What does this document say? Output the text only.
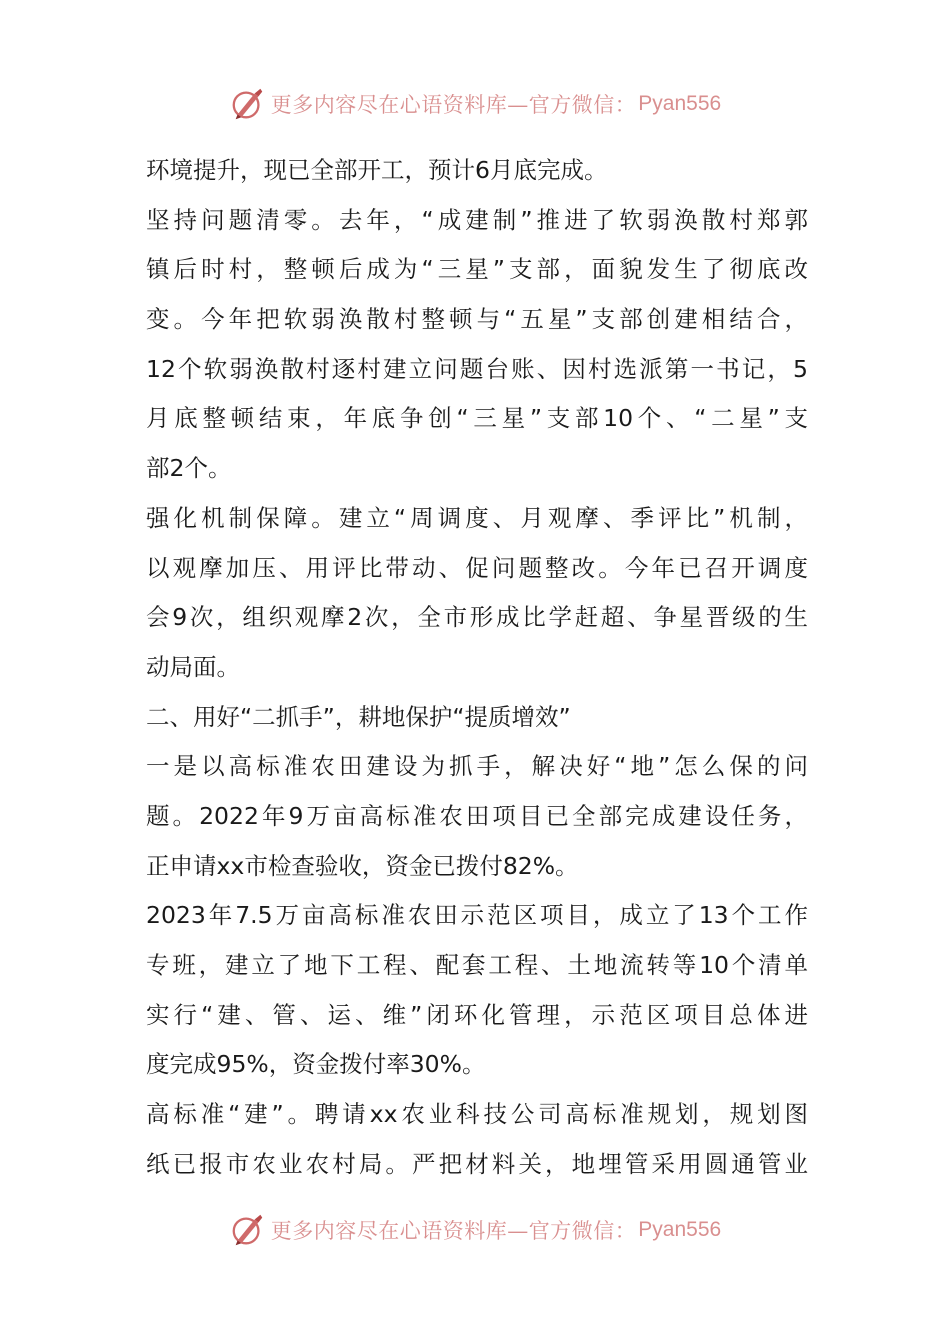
更多内容尽在心语资料库—官方微信： Pyan556
环境提升，现已全部开工，预计6月底完成。
坚持问题清零。去年，“成建制”推进了软弱涣散村郑郭
镇后时村，整顿后成为“三星”支部，面貌发生了彻底改
变。今年把软弱涣散村整顿与“五星”支部创建相结合，
12个软弱涣散村逐村建立问题台账、因村选派第一书记，5
月底整顿结束，年底争创“三星”支部10个、“二星”支
部2个。
强化机制保障。建立“周调度、月观摩、季评比”机制，
以观摩加压、用评比带动、促问题整改。今年已召开调度
会9次，组织观摩2次，全市形成比学赶超、争星晋级的生
动局面。
二、用好“二抓手”，耕地保护“提质增效”
一是以高标准农田建设为抓手，解决好“地”怎么保的问
题。2022年9万亩高标准农田项目已全部完成建设任务，
正申请xx市检查验收，资金已拨付82%。
2023年7.5万亩高标准农田示范区项目，成立了13个工作
专班，建立了地下工程、配套工程、土地流转等10个清单
实行“建、管、运、维”闭环化管理，示范区项目总体进
度完成95%，资金拨付率30%。
高标准“建”。聘请xx农业科技公司高标准规划，规划图
纸已报市农业农村局。严把材料关，地埋管采用圆通管业
更多内容尽在心语资料库—官方微信： Pyan556
